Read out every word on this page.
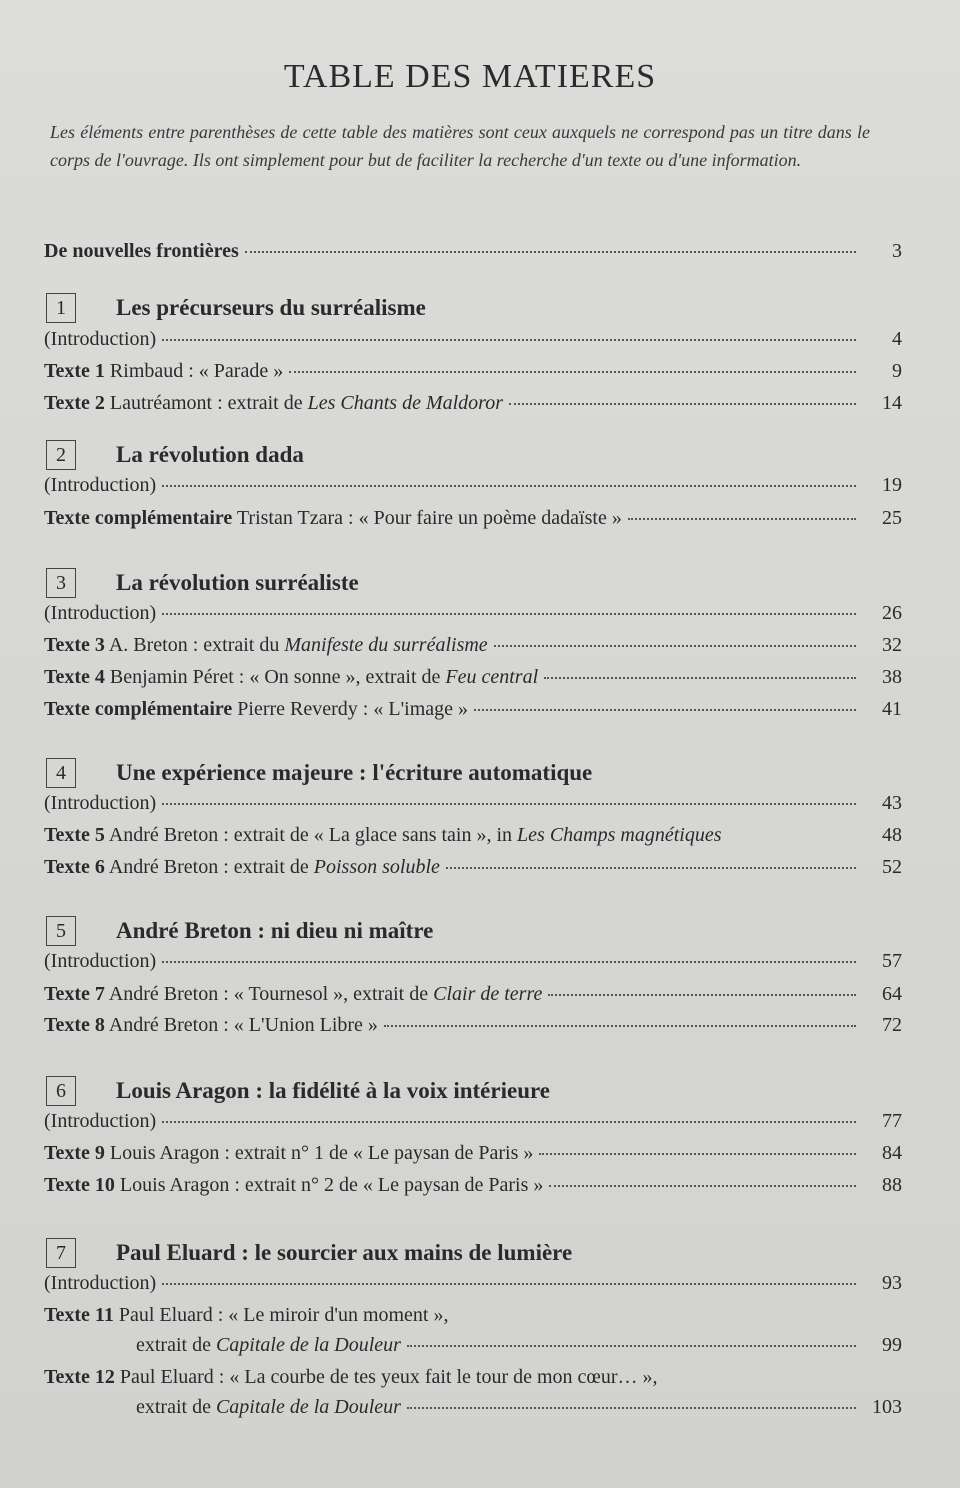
TABLE DES MATIERES
Les éléments entre parenthèses de cette table des matières sont ceux auxquels ne correspond pas un titre dans le corps de l'ouvrage. Ils ont simplement pour but de faciliter la recherche d'un texte ou d'une information.
De nouvelles frontières	3
1	Les précurseurs du surréalisme
(Introduction)	4
Texte 1 Rimbaud : « Parade »	9
Texte 2 Lautréamont : extrait de Les Chants de Maldoror	14
2	La révolution dada
(Introduction)	19
Texte complémentaire Tristan Tzara : « Pour faire un poème dadaïste »	25
3	La révolution surréaliste
(Introduction)	26
Texte 3 A. Breton : extrait du Manifeste du surréalisme	32
Texte 4 Benjamin Péret : « On sonne », extrait de Feu central	38
Texte complémentaire Pierre Reverdy : « L'image »	41
4	Une expérience majeure : l'écriture automatique
(Introduction)	43
Texte 5 André Breton : extrait de « La glace sans tain », in Les Champs magnétiques	48
Texte 6 André Breton : extrait de Poisson soluble	52
5	André Breton : ni dieu ni maître
(Introduction)	57
Texte 7 André Breton : « Tournesol », extrait de Clair de terre	64
Texte 8 André Breton : « L'Union Libre »	72
6	Louis Aragon : la fidélité à la voix intérieure
(Introduction)	77
Texte 9 Louis Aragon : extrait n° 1 de « Le paysan de Paris »	84
Texte 10 Louis Aragon : extrait n° 2 de « Le paysan de Paris »	88
7	Paul Eluard : le sourcier aux mains de lumière
(Introduction)	93
Texte 11 Paul Eluard : « Le miroir d'un moment »,
extrait de Capitale de la Douleur	99
Texte 12 Paul Eluard : « La courbe de tes yeux fait le tour de mon cœur… »,
extrait de Capitale de la Douleur	103
